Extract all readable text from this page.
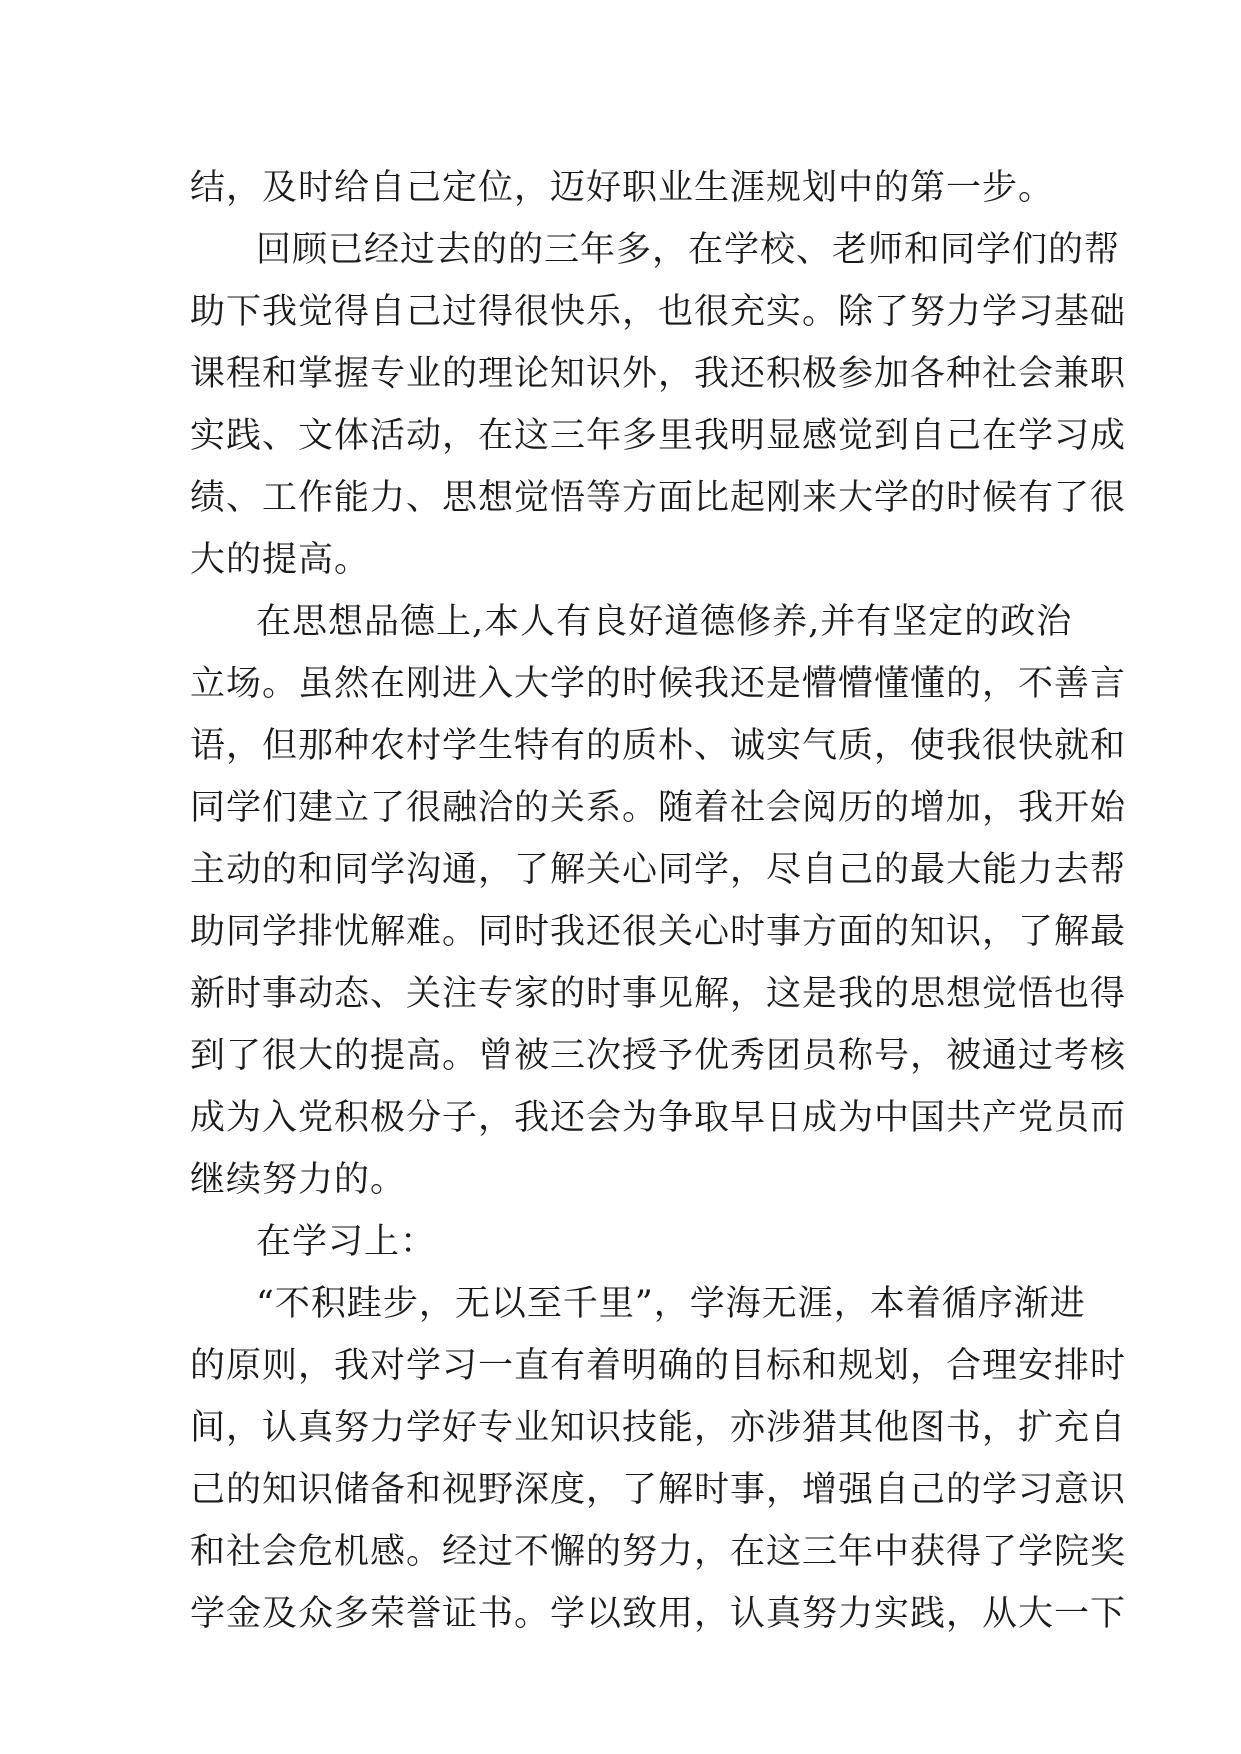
结，及时给自己定位，迈好职业生涯规划中的第一步。
回顾已经过去的的三年多，在学校、老师和同学们的帮
助下我觉得自己过得很快乐，也很充实。除了努力学习基础
课程和掌握专业的理论知识外，我还积极参加各种社会兼职
实践、文体活动，在这三年多里我明显感觉到自己在学习成
绩、工作能力、思想觉悟等方面比起刚来大学的时候有了很
大的提高。
在思想品德上,本人有良好道德修养,并有坚定的政治
立场。虽然在刚进入大学的时候我还是懵懵懂懂的，不善言
语，但那种农村学生特有的质朴、诚实气质，使我很快就和
同学们建立了很融洽的关系。随着社会阅历的增加，我开始
主动的和同学沟通，了解关心同学，尽自己的最大能力去帮
助同学排忧解难。同时我还很关心时事方面的知识，了解最
新时事动态、关注专家的时事见解，这是我的思想觉悟也得
到了很大的提高。曾被三次授予优秀团员称号，被通过考核
成为入党积极分子，我还会为争取早日成为中国共产党员而
继续努力的。
在学习上：
“不积跬步，无以至千里”，学海无涯，本着循序渐进
的原则，我对学习一直有着明确的目标和规划，合理安排时
间，认真努力学好专业知识技能，亦涉猎其他图书，扩充自
己的知识储备和视野深度，了解时事，增强自己的学习意识
和社会危机感。经过不懈的努力，在这三年中获得了学院奖
学金及众多荣誉证书。学以致用，认真努力实践，从大一下
